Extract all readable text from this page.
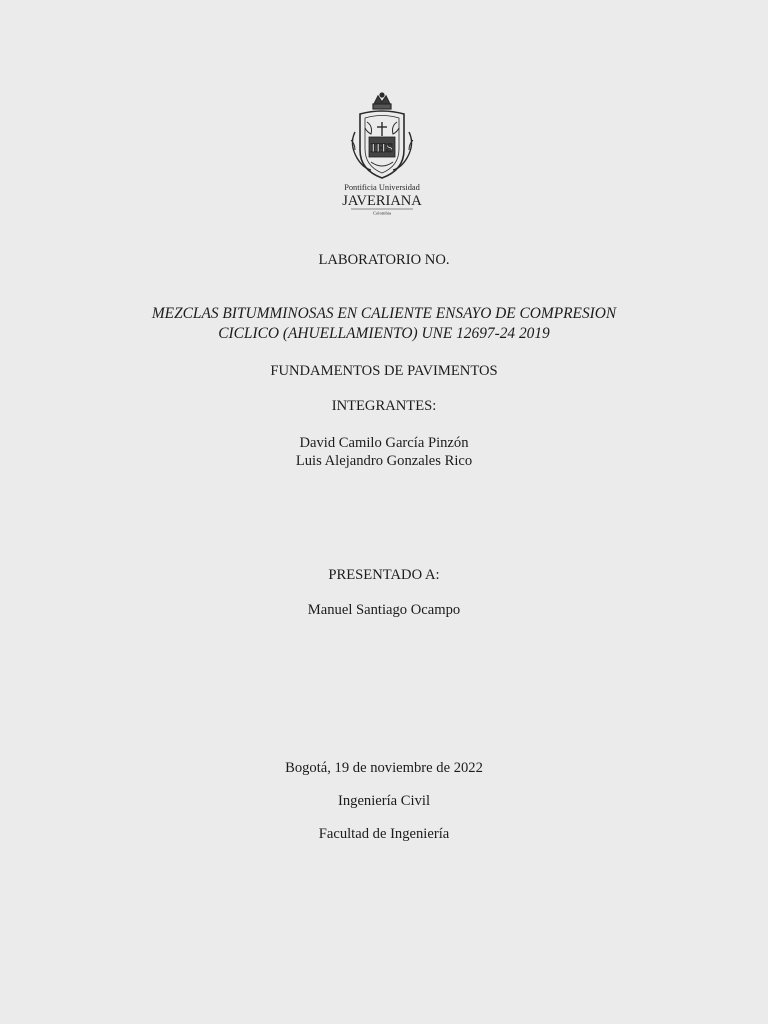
IHS
Pontificia Universidad
JAVERIANA
Colombia
LABORATORIO NO.
MEZCLAS BITUMMINOSAS EN CALIENTE ENSAYO DE COMPRESION
CICLICO (AHUELLAMIENTO) UNE 12697-24 2019
FUNDAMENTOS DE PAVIMENTOS
INTEGRANTES:
David Camilo García Pinzón
Luis Alejandro Gonzales Rico
PRESENTADO A:
Manuel Santiago Ocampo
Bogotá, 19 de noviembre de 2022
Ingeniería Civil
Facultad de Ingeniería
